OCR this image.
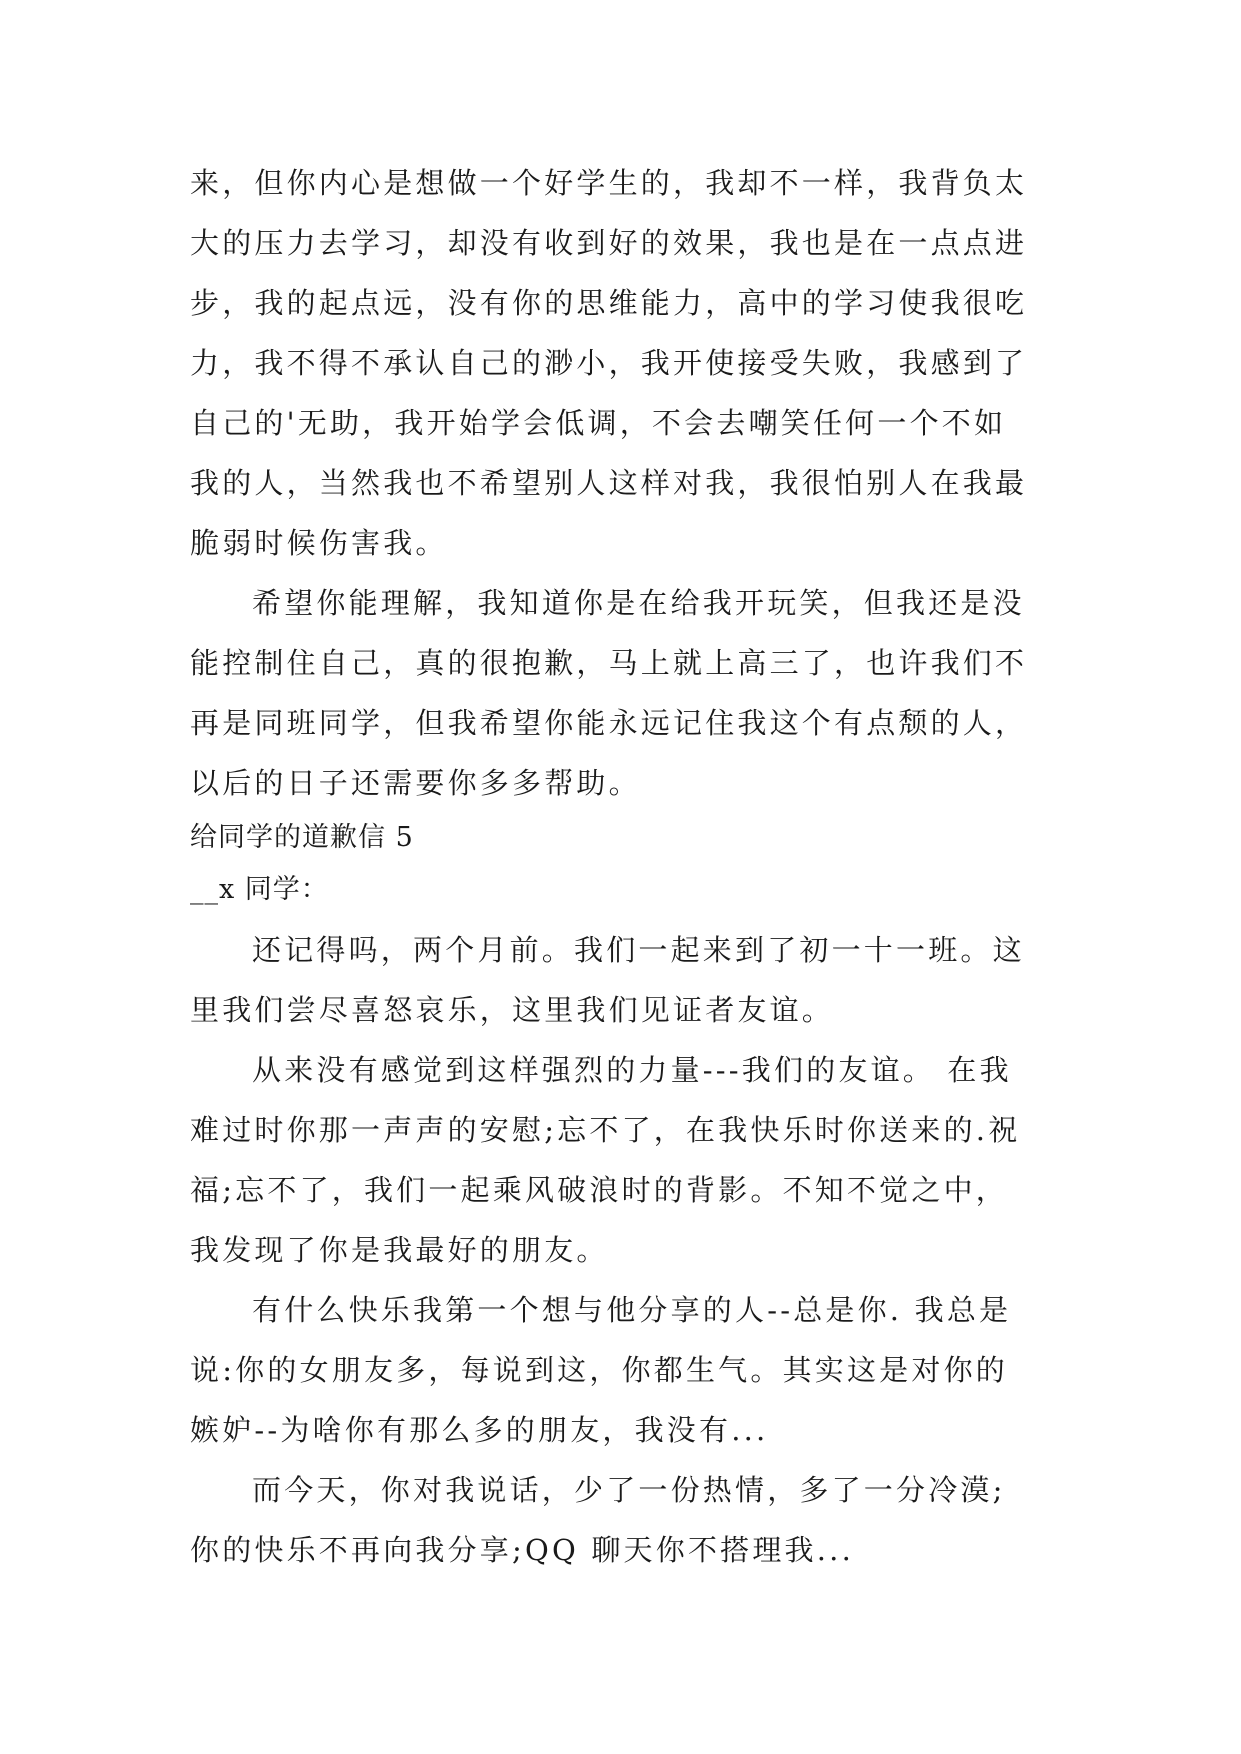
来，但你内心是想做一个好学生的，我却不一样，我背负太
大的压力去学习，却没有收到好的效果，我也是在一点点进
步，我的起点远，没有你的思维能力，高中的学习使我很吃
力，我不得不承认自己的渺小，我开使接受失败，我感到了
自己的'无助，我开始学会低调，不会去嘲笑任何一个不如
我的人，当然我也不希望别人这样对我，我很怕别人在我最
脆弱时候伤害我。
希望你能理解，我知道你是在给我开玩笑，但我还是没
能控制住自己，真的很抱歉，马上就上高三了，也许我们不
再是同班同学，但我希望你能永远记住我这个有点颓的人，
以后的日子还需要你多多帮助。
给同学的道歉信 5
__x 同学：
还记得吗，两个月前。我们一起来到了初一十一班。这
里我们尝尽喜怒哀乐，这里我们见证者友谊。
从来没有感觉到这样强烈的力量---我们的友谊。 在我
难过时你那一声声的安慰;忘不了，在我快乐时你送来的.祝
福;忘不了，我们一起乘风破浪时的背影。不知不觉之中，
我发现了你是我最好的朋友。
有什么快乐我第一个想与他分享的人--总是你. 我总是
说:你的女朋友多，每说到这，你都生气。其实这是对你的
嫉妒--为啥你有那么多的朋友，我没有...
而今天，你对我说话，少了一份热情，多了一分冷漠;
你的快乐不再向我分享;QQ 聊天你不搭理我...
